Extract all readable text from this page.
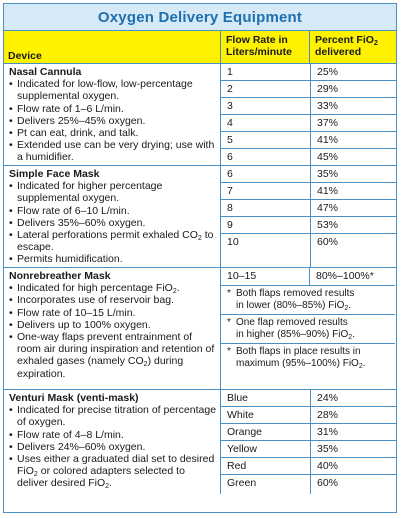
Oxygen Delivery Equipment
Device
Flow Rate in
Liters/minute
Percent FiO$_2$
delivered
Nasal Cannula
• Indicated for low-flow, low-percentage supplemental oxygen.
• Flow rate of 1–6 L/min.
• Delivers 25%–45% oxygen.
• Pt can eat, drink, and talk.
• Extended use can be very drying; use with a humidifier.
1
2
3
4
5
6
25%
29%
33%
37%
41%
45%
Simple Face Mask
• Indicated for higher percentage supplemental oxygen.
• Flow rate of 6–10 L/min.
• Delivers 35%–60% oxygen.
• Lateral perforations permit exhaled $CO_2$ to escape.
• Permits humidification.
6
7
8
9
10
35%
41%
47%
53%
60%
Nonrebreather Mask
• Indicated for high percentage FiO$_2$.
• Incorporates use of reservoir bag.
• Flow rate of 10–15 L/min.
• Delivers up to 100% oxygen.
• One-way flaps prevent entrainment of room air during inspiration and retention of exhaled gases (namely $CO_2$) during expiration.
10–15	80%–100%*
* Both flaps removed results
in lower (80%–85%) FiO$_2$.
* One flap removed results
in higher (85%–90%) FiO$_2$.
* Both flaps in place results in
maximum (95%–100%) FiO$_2$.
Venturi Mask (venti-mask)
• Indicated for precise titration of percentage of oxygen.
• Flow rate of 4–8 L/min.
• Delivers 24%–60% oxygen.
• Uses either a graduated dial set to desired FiO$_2$ or colored adapters selected to deliver desired FiO$_2$.
Blue
White
Orange
Yellow
Red
Green
24%
28%
31%
35%
40%
60%
